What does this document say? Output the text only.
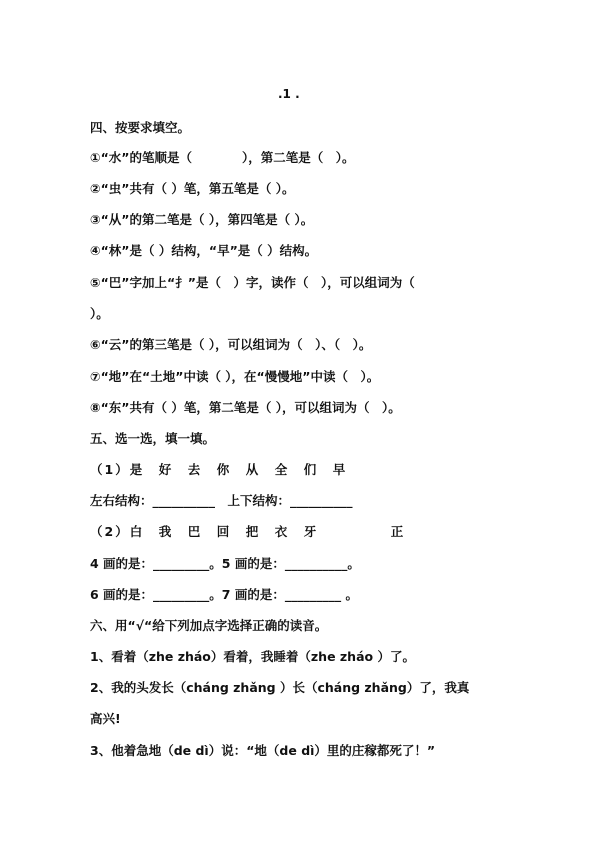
.1 .
四、按要求填空。
①“水”的笔顺是（　　　　），第二笔是（　）。
②“虫”共有（ ）笔，第五笔是（ ）。
③“从”的第二笔是（ ），第四笔是（ ）。
④“林”是（ ）结构，“早”是（ ）结构。
⑤“巴”字加上“扌”是（　）字，读作（　），可以组词为（
）。
⑥“云”的第三笔是（ ），可以组词为（　）、（　）。
⑦“地”在“土地”中读（ ），在“慢慢地”中读（　）。
⑧“东”共有（ ）笔，第二笔是（ ），可以组词为（　）。
五、选一选，填一填。
（1）是　好　去　你　从　全　们　早
左右结构：__________　上下结构：__________
（2）白　我　巴　回　把　衣　牙　　　　　正
4 画的是：_________。5 画的是：__________。
6 画的是：_________。7 画的是：_________ 。
六、用“√“给下列加点字选择正确的读音。
1、看着（zhe zháo）看着，我睡着（zhe zháo ）了。
2、我的头发长（cháng zhǎng ）长（cháng zhǎng）了，我真
高兴!
3、他着急地（de dì）说：“地（de dì）里的庄稼都死了！”
